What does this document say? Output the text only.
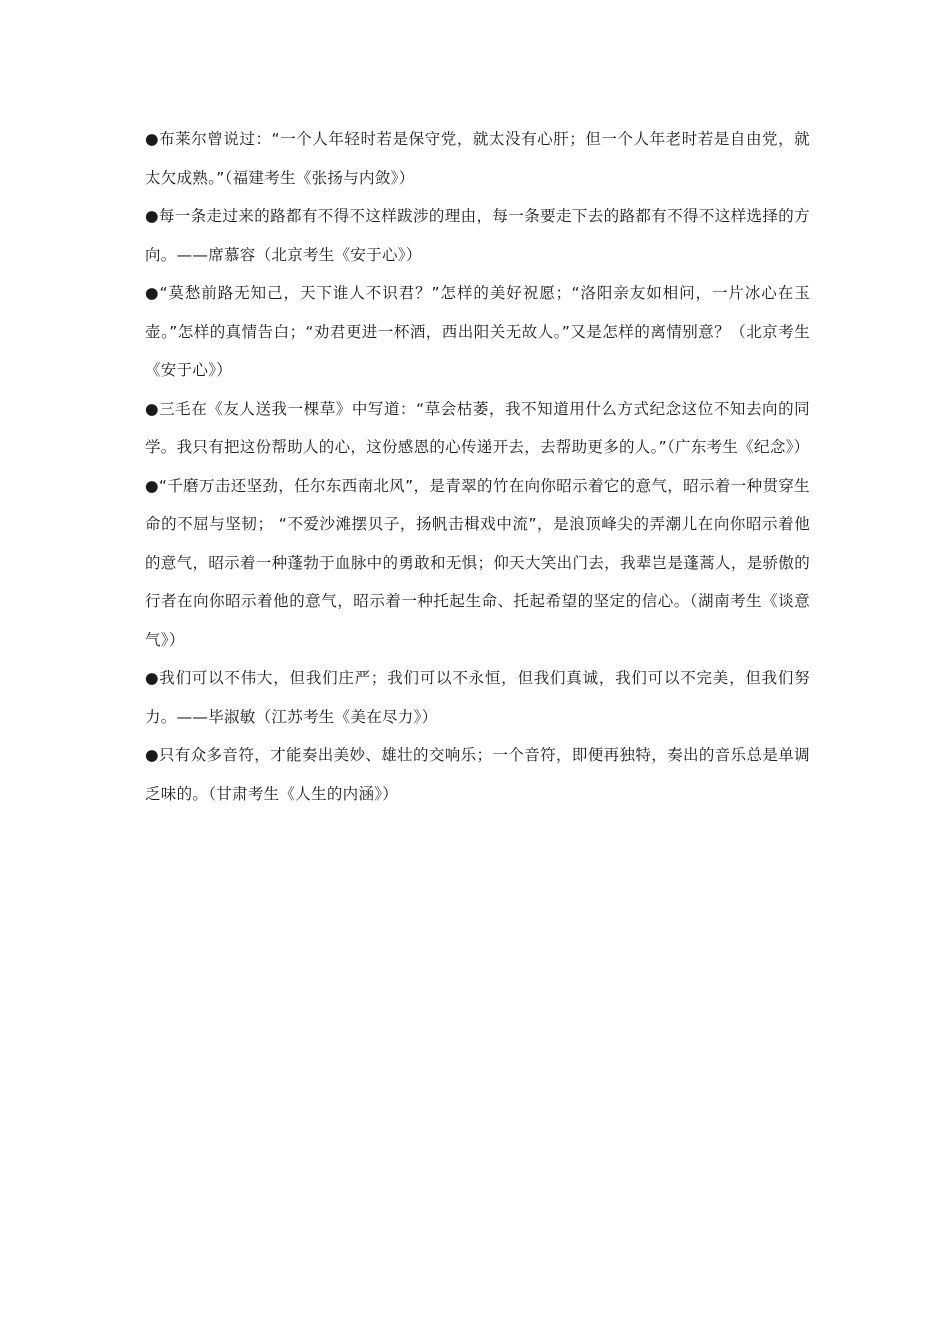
●布莱尔曾说过：“一个人年轻时若是保守党，就太没有心肝；但一个人年老时若是自由党，就太欠成熟。”（福建考生《张扬与内敛》）

●每一条走过来的路都有不得不这样跋涉的理由，每一条要走下去的路都有不得不这样选择的方向。——席慕容（北京考生《安于心》）

●“莫愁前路无知己，天下谁人不识君？”怎样的美好祝愿；“洛阳亲友如相问，一片冰心在玉壶。”怎样的真情告白；“劝君更进一杯酒，西出阳关无故人。”又是怎样的离情别意？（北京考生《安于心》）

●三毛在《友人送我一棵草》中写道：“草会枯萎，我不知道用什么方式纪念这位不知去向的同学。我只有把这份帮助人的心，这份感恩的心传递开去，去帮助更多的人。”（广东考生《纪念》）

●“千磨万击还坚劲，任尔东西南北风”，是青翠的竹在向你昭示着它的意气，昭示着一种贯穿生命的不屈与坚韧； “不爱沙滩摆贝子，扬帆击楫戏中流”，是浪顶峰尖的弄潮儿在向你昭示着他的意气，昭示着一种蓬勃于血脉中的勇敢和无惧；仰天大笑出门去，我辈岂是蓬蒿人，是骄傲的行者在向你昭示着他的意气，昭示着一种托起生命、托起希望的坚定的信心。（湖南考生《谈意气》）

●我们可以不伟大，但我们庄严；我们可以不永恒，但我们真诚，我们可以不完美，但我们努力。——毕淑敏（江苏考生《美在尽力》）

●只有众多音符，才能奏出美妙、雄壮的交响乐；一个音符，即便再独特，奏出的音乐总是单调乏味的。（甘肃考生《人生的内涵》）
